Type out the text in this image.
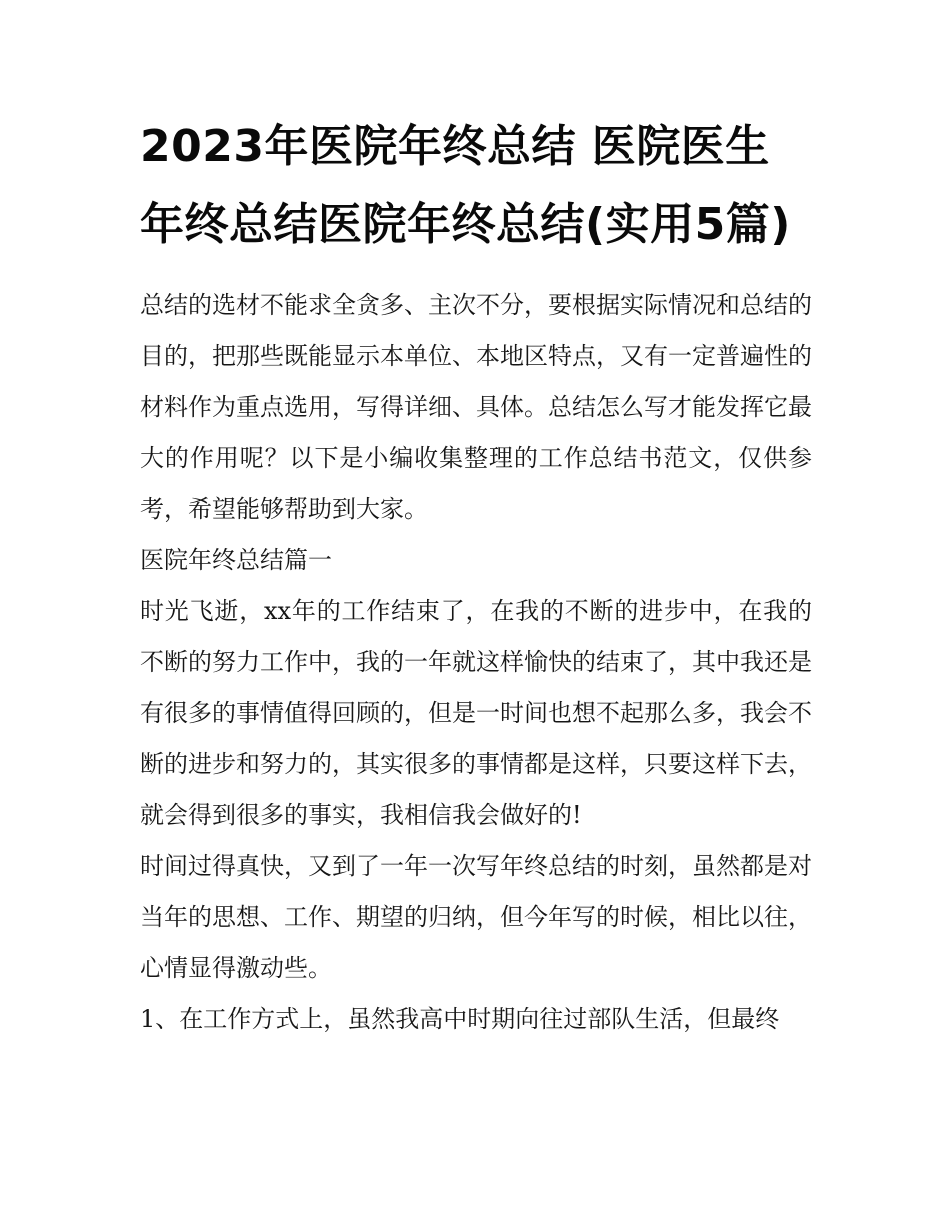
2023年医院年终总结 医院医生年终总结医院年终总结(实用5篇)

总结的选材不能求全贪多、主次不分，要根据实际情况和总结的目的，把那些既能显示本单位、本地区特点，又有一定普遍性的材料作为重点选用，写得详细、具体。总结怎么写才能发挥它最大的作用呢？以下是小编收集整理的工作总结书范文，仅供参考，希望能够帮助到大家。

医院年终总结篇一

时光飞逝，xx年的工作结束了，在我的不断的进步中，在我的不断的努力工作中，我的一年就这样愉快的结束了，其中我还是有很多的事情值得回顾的，但是一时间也想不起那么多，我会不断的进步和努力的，其实很多的事情都是这样，只要这样下去，就会得到很多的事实，我相信我会做好的!

时间过得真快，又到了一年一次写年终总结的时刻，虽然都是对当年的思想、工作、期望的归纳，但今年写的时候，相比以往，心情显得激动些。

1、在工作方式上，虽然我高中时期向往过部队生活，但最终
